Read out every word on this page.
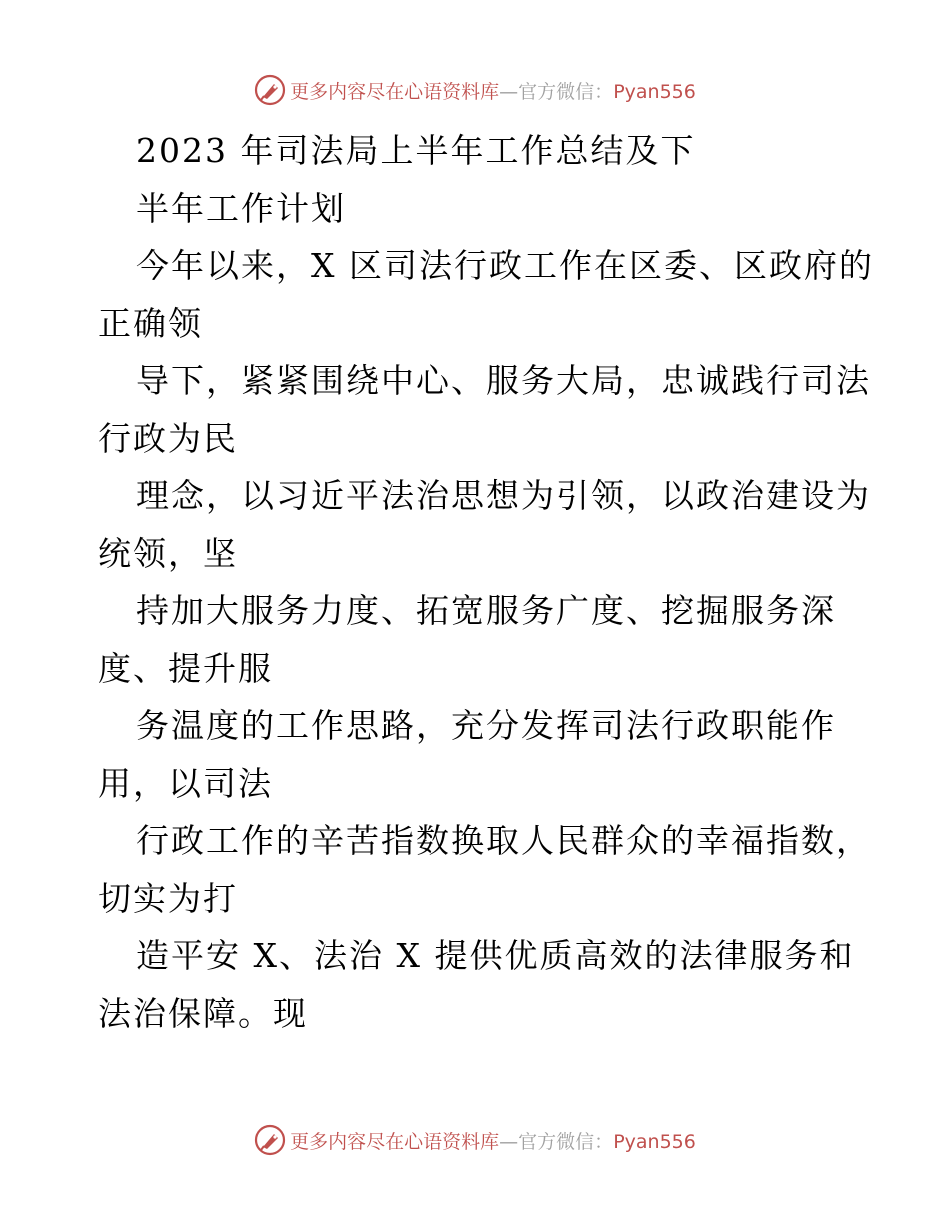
更多内容尽在心语资料库—官方微信：Pyan556
2023 年司法局上半年工作总结及下
半年工作计划
今年以来，X 区司法行政工作在区委、区政府的
正确领
导下，紧紧围绕中心、服务大局，忠诚践行司法
行政为民
理念，以习近平法治思想为引领，以政治建设为
统领，坚
持加大服务力度、拓宽服务广度、挖掘服务深
度、提升服
务温度的工作思路，充分发挥司法行政职能作
用，以司法
行政工作的辛苦指数换取人民群众的幸福指数，
切实为打
造平安 X、法治 X 提供优质高效的法律服务和
法治保障。现
更多内容尽在心语资料库—官方微信：Pyan556
